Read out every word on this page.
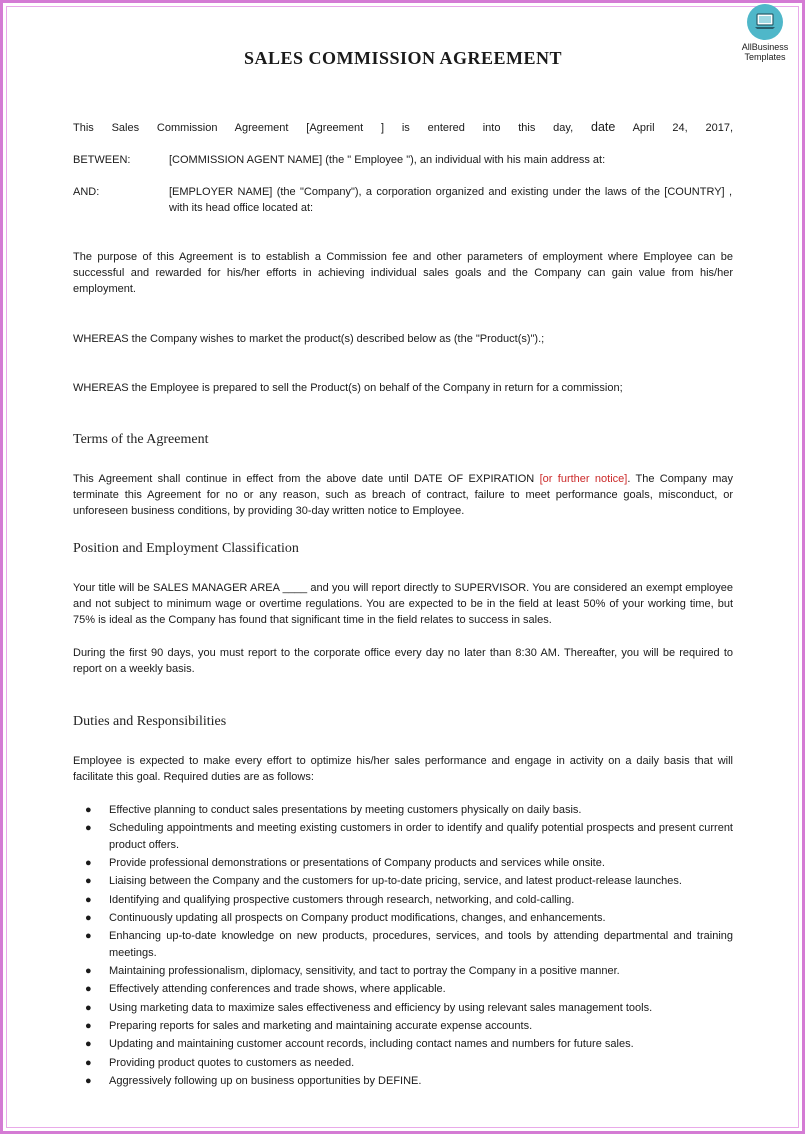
AllBusiness
Templates
SALES COMMISSION AGREEMENT
This Sales Commission Agreement [Agreement ] is entered into this day, date April 24, 2017,
BETWEEN:	[COMMISSION AGENT NAME] (the " Employee "), an individual with his main address at:
AND:	[EMPLOYER NAME] (the "Company"), a corporation organized and existing under the laws of the [COUNTRY] , with its head office located at:
The purpose of this Agreement is to establish a Commission fee and other parameters of employment where Employee can be successful and rewarded for his/her efforts in achieving individual sales goals and the Company can gain value from his/her employment.
WHEREAS the Company wishes to market the product(s) described below as (the "Product(s)").;
WHEREAS the Employee is prepared to sell the Product(s) on behalf of the Company in return for a commission;
Terms of the Agreement
This Agreement shall continue in effect from the above date until DATE OF EXPIRATION [or further notice]. The Company may terminate this Agreement for no or any reason, such as breach of contract, failure to meet performance goals, misconduct, or unforeseen business conditions, by providing 30-day written notice to Employee.
Position and Employment Classification
Your title will be SALES MANAGER AREA ____ and you will report directly to SUPERVISOR. You are considered an exempt employee and not subject to minimum wage or overtime regulations. You are expected to be in the field at least 50% of your working time, but 75% is ideal as the Company has found that significant time in the field relates to success in sales.
During the first 90 days, you must report to the corporate office every day no later than 8:30 AM. Thereafter, you will be required to report on a weekly basis.
Duties and Responsibilities
Employee is expected to make every effort to optimize his/her sales performance and engage in activity on a daily basis that will facilitate this goal. Required duties are as follows:
● Effective planning to conduct sales presentations by meeting customers physically on daily basis.
● Scheduling appointments and meeting existing customers in order to identify and qualify potential prospects and present current product offers.
● Provide professional demonstrations or presentations of Company products and services while onsite.
● Liaising between the Company and the customers for up-to-date pricing, service, and latest product-release launches.
● Identifying and qualifying prospective customers through research, networking, and cold-calling.
● Continuously updating all prospects on Company product modifications, changes, and enhancements.
● Enhancing up-to-date knowledge on new products, procedures, services, and tools by attending departmental and training meetings.
● Maintaining professionalism, diplomacy, sensitivity, and tact to portray the Company in a positive manner.
● Effectively attending conferences and trade shows, where applicable.
● Using marketing data to maximize sales effectiveness and efficiency by using relevant sales management tools.
● Preparing reports for sales and marketing and maintaining accurate expense accounts.
● Updating and maintaining customer account records, including contact names and numbers for future sales.
● Providing product quotes to customers as needed.
● Aggressively following up on business opportunities by DEFINE.
